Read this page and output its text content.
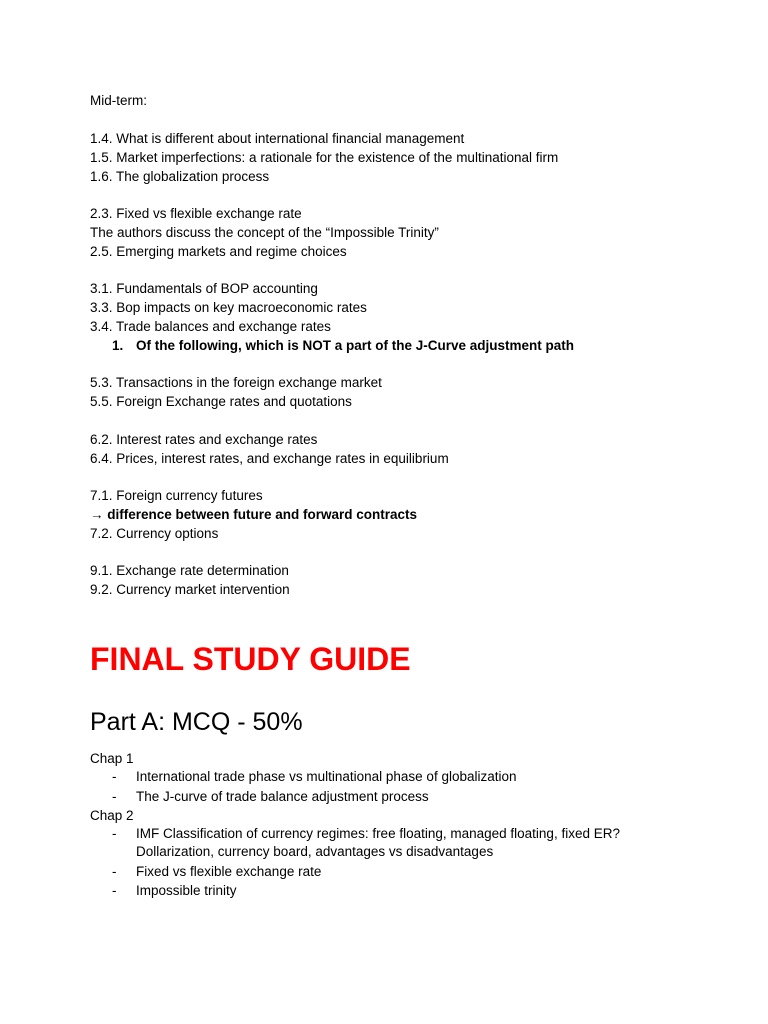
Mid-term:
1.4. What is different about international financial management
1.5. Market imperfections: a rationale for the existence of the multinational firm
1.6. The globalization process
2.3. Fixed vs flexible exchange rate
The authors discuss the concept of the “Impossible Trinity”
2.5. Emerging markets and regime choices
3.1. Fundamentals of BOP accounting
3.3. Bop impacts on key macroeconomic rates
3.4. Trade balances and exchange rates
1. Of the following, which is NOT a part of the J-Curve adjustment path
5.3. Transactions in the foreign exchange market
5.5. Foreign Exchange rates and quotations
6.2. Interest rates and exchange rates
6.4. Prices, interest rates, and exchange rates in equilibrium
7.1. Foreign currency futures
→ difference between future and forward contracts
7.2. Currency options
9.1. Exchange rate determination
9.2. Currency market intervention
FINAL STUDY GUIDE
Part A: MCQ - 50%
Chap 1
- International trade phase vs multinational phase of globalization
- The J-curve of trade balance adjustment process
Chap 2
- IMF Classification of currency regimes: free floating, managed floating, fixed ER? Dollarization, currency board, advantages vs disadvantages
- Fixed vs flexible exchange rate
- Impossible trinity
